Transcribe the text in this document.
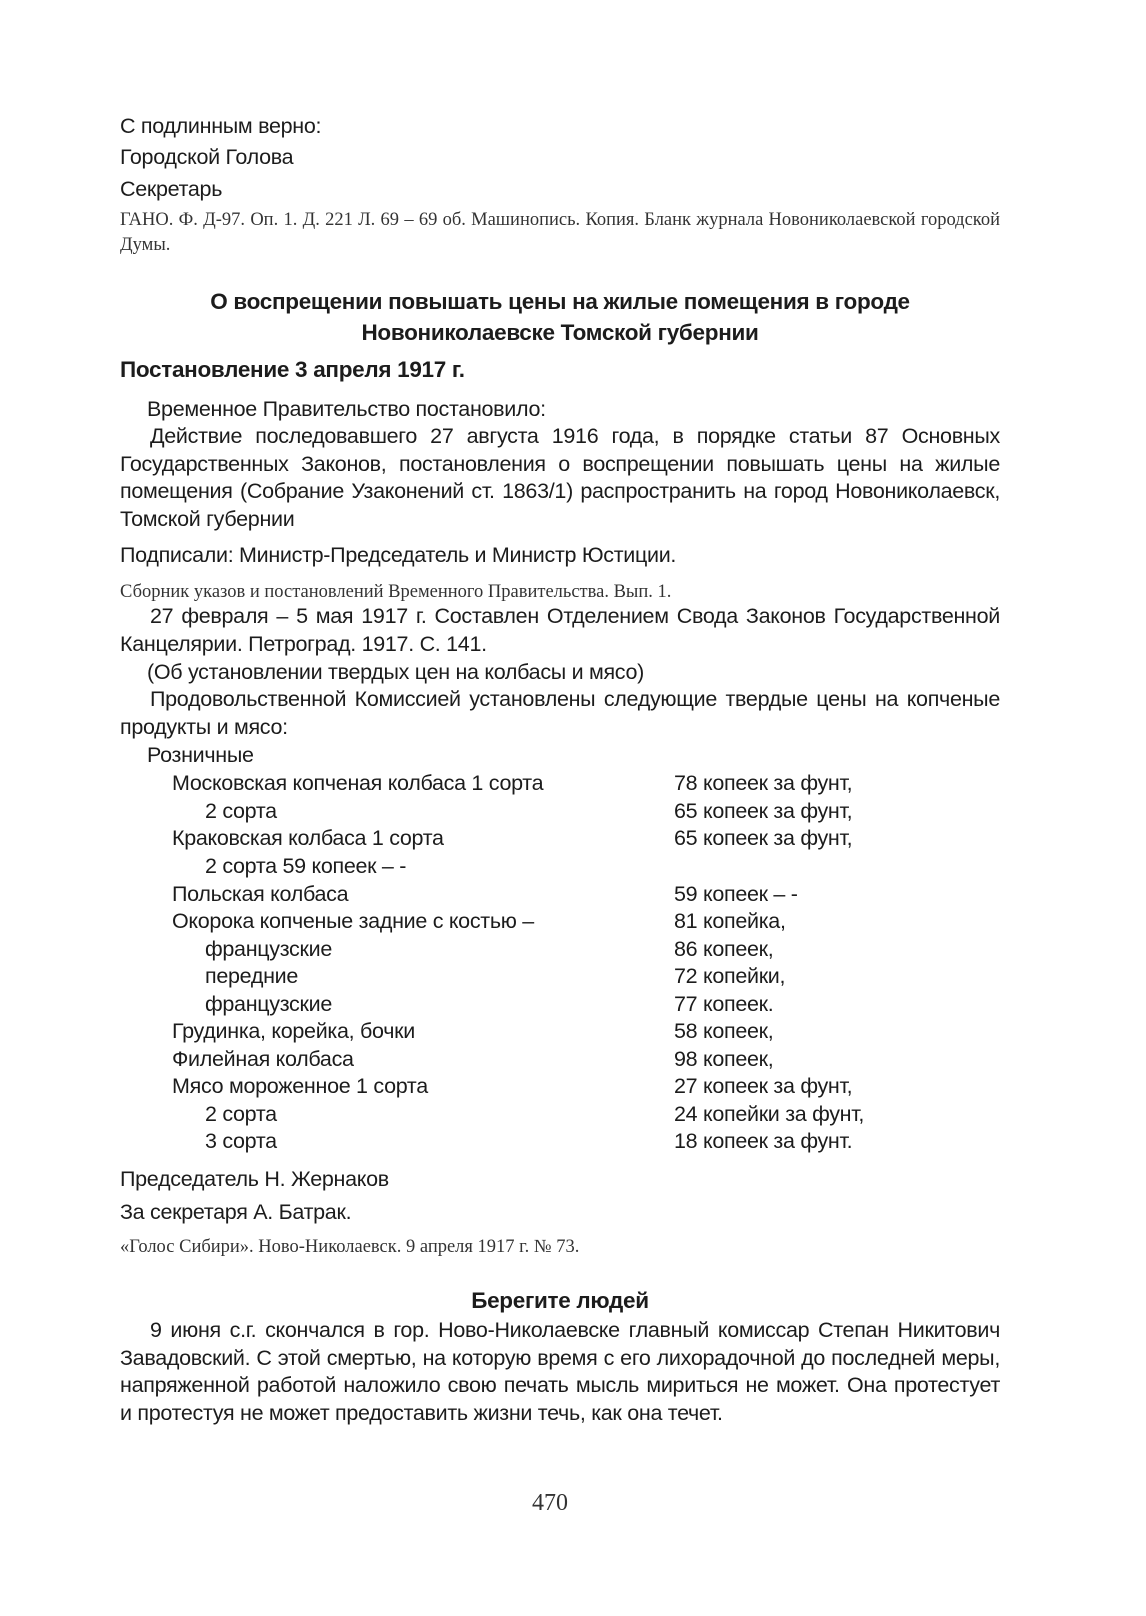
С подлинным верно:
Городской Голова
Секретарь
ГАНО. Ф. Д-97. Оп. 1. Д. 221 Л. 69 – 69 об. Машинопись. Копия. Бланк журнала Новониколаевской городской Думы.
О воспрещении повышать цены на жилые помещения в городе
Новониколаевске Томской губернии
Постановление 3 апреля 1917 г.
Временное Правительство постановило:
Действие последовавшего 27 августа 1916 года, в порядке статьи 87 Основных Государственных Законов, постановления о воспрещении повышать цены на жилые помещения (Собрание Узаконений ст. 1863/1) распространить на город Новониколаевск, Томской губернии
Подписали: Министр-Председатель и Министр Юстиции.
Сборник указов и постановлений Временного Правительства. Вып. 1.
27 февраля – 5 мая 1917 г. Составлен Отделением Свода Законов Государственной Канцелярии. Петроград. 1917. С. 141.
(Об установлении твердых цен на колбасы и мясо)
Продовольственной Комиссией установлены следующие твердые цены на копченые продукты и мясо:
Розничные
Московская копченая колбаса 1 сорта	78 копеек за фунт,
2 сорта	65 копеек за фунт,
Краковская колбаса 1 сорта	65 копеек за фунт,
2 сорта 59 копеек – -
Польская колбаса	59 копеек – -
Окорока копченые задние с костью –	81 копейка,
французские	86 копеек,
передние	72 копейки,
французские	77 копеек.
Грудинка, корейка, бочки	58 копеек,
Филейная колбаса	98 копеек,
Мясо мороженное 1 сорта	27 копеек за фунт,
2 сорта	24 копейки за фунт,
3 сорта	18 копеек за фунт.
Председатель Н. Жернаков
За секретаря А. Батрак.
«Голос Сибири». Ново-Николаевск. 9 апреля 1917 г. № 73.
Берегите людей
9 июня с.г. скончался в гор. Ново-Николаевске главный комиссар Степан Никитович Завадовский. С этой смертью, на которую время с его лихорадочной до последней меры, напряженной работой наложило свою печать мысль мириться не может. Она протестует и протестуя не может предоставить жизни течь, как она течет.
470
